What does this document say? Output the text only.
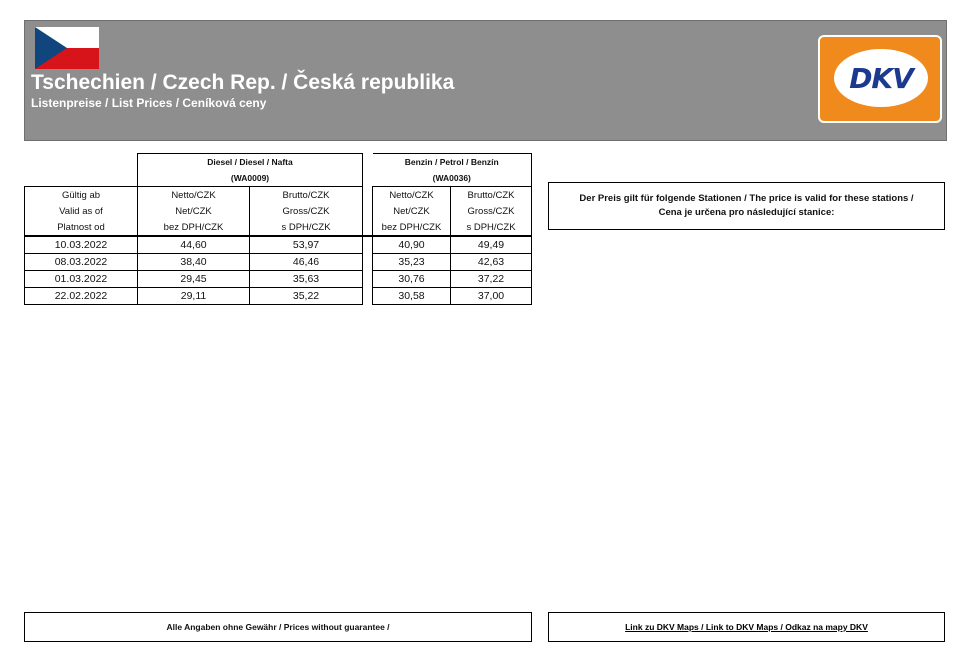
Tschechien / Czech Rep. / Česká republika
Listenpreise / List Prices / Ceníková ceny
DKV
	Diesel / Diesel / Nafta			Benzin / Petrol / Benzín	
	(WA0009)			(WA0036)	
Gültig ab	Netto/CZK	Brutto/CZK		Netto/CZK	Brutto/CZK
Valid as of	Net/CZK	Gross/CZK		Net/CZK	Gross/CZK
Platnost od	bez DPH/CZK	s DPH/CZK		bez DPH/CZK	s DPH/CZK
10.03.2022	44,60	53,97		40,90	49,49
08.03.2022	38,40	46,46		35,23	42,63
01.03.2022	29,45	35,63		30,76	37,22
22.02.2022	29,11	35,22		30,58	37,00
Der Preis gilt für folgende Stationen / The price is valid for these stations /
Cena je určena pro následující stanice:
Alle Angaben ohne Gewähr / Prices without guarantee /	Link zu DKV Maps / Link to DKV Maps / Odkaz na mapy DKV
